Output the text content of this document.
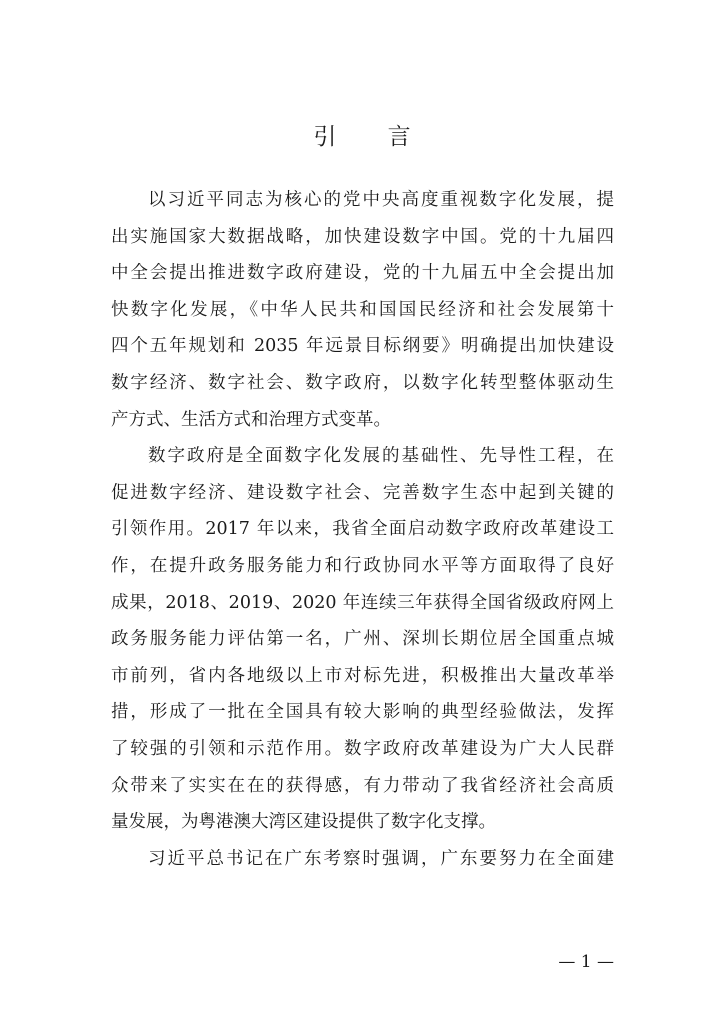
引 言
以习近平同志为核心的党中央高度重视数字化发展，提
出实施国家大数据战略，加快建设数字中国。党的十九届四
中全会提出推进数字政府建设，党的十九届五中全会提出加
快数字化发展，《中华人民共和国国民经济和社会发展第十
四个五年规划和 2035 年远景目标纲要》明确提出加快建设
数字经济、数字社会、数字政府，以数字化转型整体驱动生
产方式、生活方式和治理方式变革。
数字政府是全面数字化发展的基础性、先导性工程，在
促进数字经济、建设数字社会、完善数字生态中起到关键的
引领作用。2017 年以来，我省全面启动数字政府改革建设工
作，在提升政务服务能力和行政协同水平等方面取得了良好
成果，2018、2019、2020 年连续三年获得全国省级政府网上
政务服务能力评估第一名，广州、深圳长期位居全国重点城
市前列，省内各地级以上市对标先进，积极推出大量改革举
措，形成了一批在全国具有较大影响的典型经验做法，发挥
了较强的引领和示范作用。数字政府改革建设为广大人民群
众带来了实实在在的获得感，有力带动了我省经济社会高质
量发展，为粤港澳大湾区建设提供了数字化支撑。
习近平总书记在广东考察时强调，广东要努力在全面建
— 1 —
